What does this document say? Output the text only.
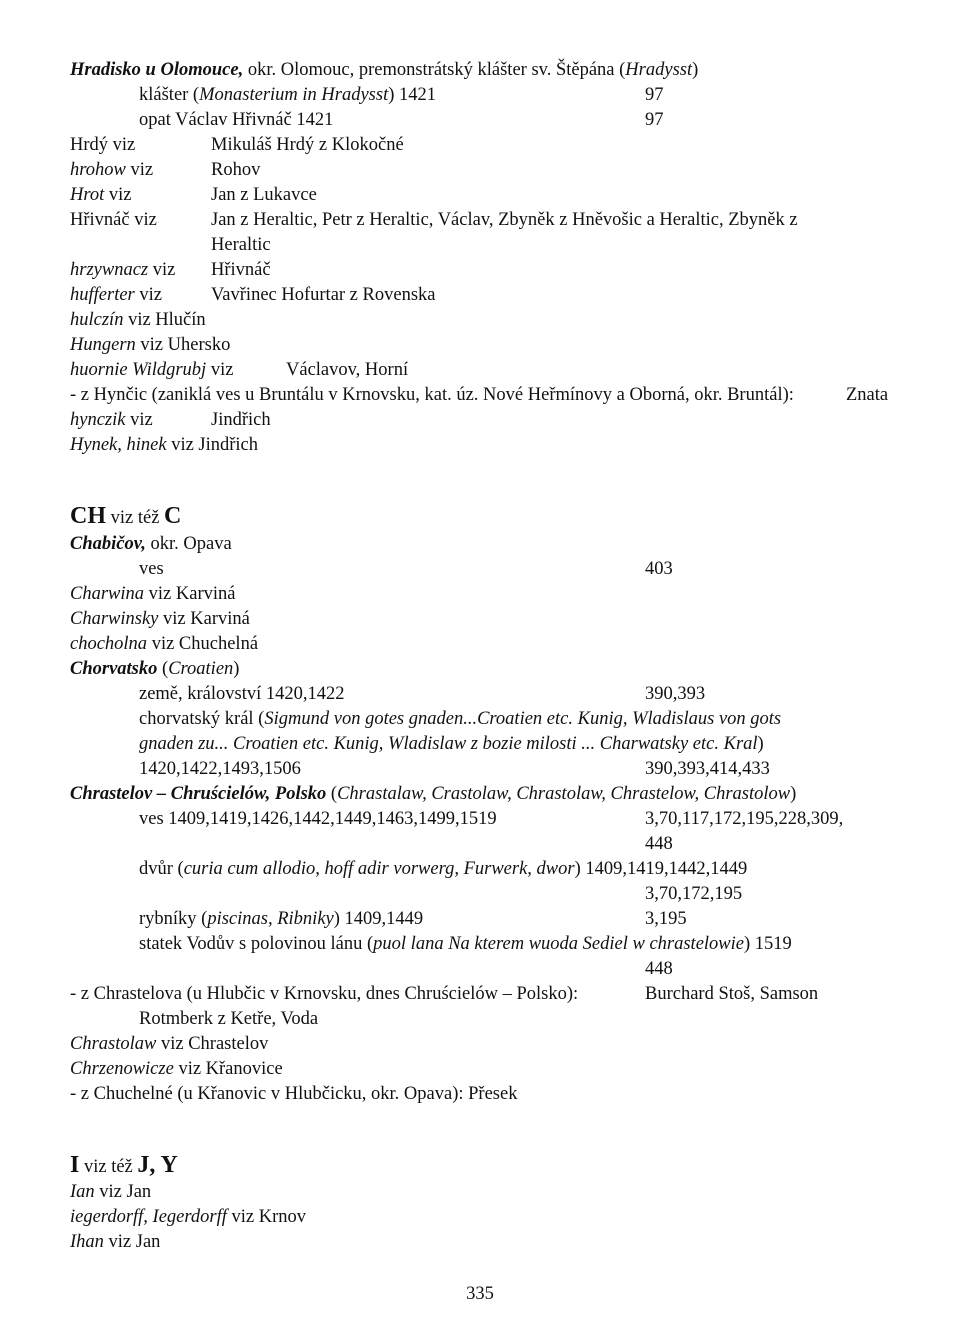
Hradisko u Olomouce, okr. Olomouc, premonstrátský klášter sv. Štěpána (Hradysst)
klášter (Monasterium in Hradysst) 1421	97
opat Václav Hřivnáč 1421	97
Hrdý viz	Mikuláš Hrdý z Klokočné
hrohow viz	Rohov
Hrot viz	Jan z Lukavce
Hřivnáč viz	Jan z Heraltic, Petr z Heraltic, Václav, Zbyněk z Hněvošic a Heraltic, Zbyněk z
Heraltic
hrzywnacz viz Hřivnáč
hufferter viz	Vavřinec Hofurtar z Rovenska
hulczín viz Hlučín
Hungern viz Uhersko
huornie Wildgrubj viz	Václavov, Horní
- z Hynčic (zaniklá ves u Bruntálu v Krnovsku, kat. úz. Nové Heřmínovy a Oborná, okr. Bruntál):	Znata
hynczik viz	Jindřich
Hynek, hinek viz Jindřich
CH viz též C
Chabičov, okr. Opava
ves	403
Charwina viz Karviná
Charwinsky viz Karviná
chocholna viz Chuchelná
Chorvatsko (Croatien)
země, království 1420,1422	390,393
chorvatský král (Sigmund von gotes gnaden...Croatien etc. Kunig, Wladislaus von gots
gnaden zu... Croatien etc. Kunig, Wladislaw z bozie milosti ... Charwatsky etc. Kral)
1420,1422,1493,1506	390,393,414,433
Chrastelov – Chruścielów, Polsko (Chrastalaw, Crastolaw, Chrastolaw, Chrastelow, Chrastolow)
ves 1409,1419,1426,1442,1449,1463,1499,1519	3,70,117,172,195,228,309,
448
dvůr (curia cum allodio, hoff adir vorwerg, Furwerk, dwor) 1409,1419,1442,1449
3,70,172,195
rybníky (piscinas, Ribniky) 1409,1449	3,195
statek Vodův s polovinou lánu (puol lana Na kterem wuoda Sediel w chrastelowie) 1519
448
- z Chrastelova (u Hlubčic v Krnovsku, dnes Chruścielów – Polsko):	Burchard Stoš, Samson
Rotmberk z Ketře, Voda
Chrastolaw viz Chrastelov
Chrzenowicze viz Křanovice
- z Chuchelné (u Křanovic v Hlubčicku, okr. Opava): Přesek
I viz též J, Y
Ian viz Jan
iegerdorff, Iegerdorff viz Krnov
Ihan viz Jan
335
